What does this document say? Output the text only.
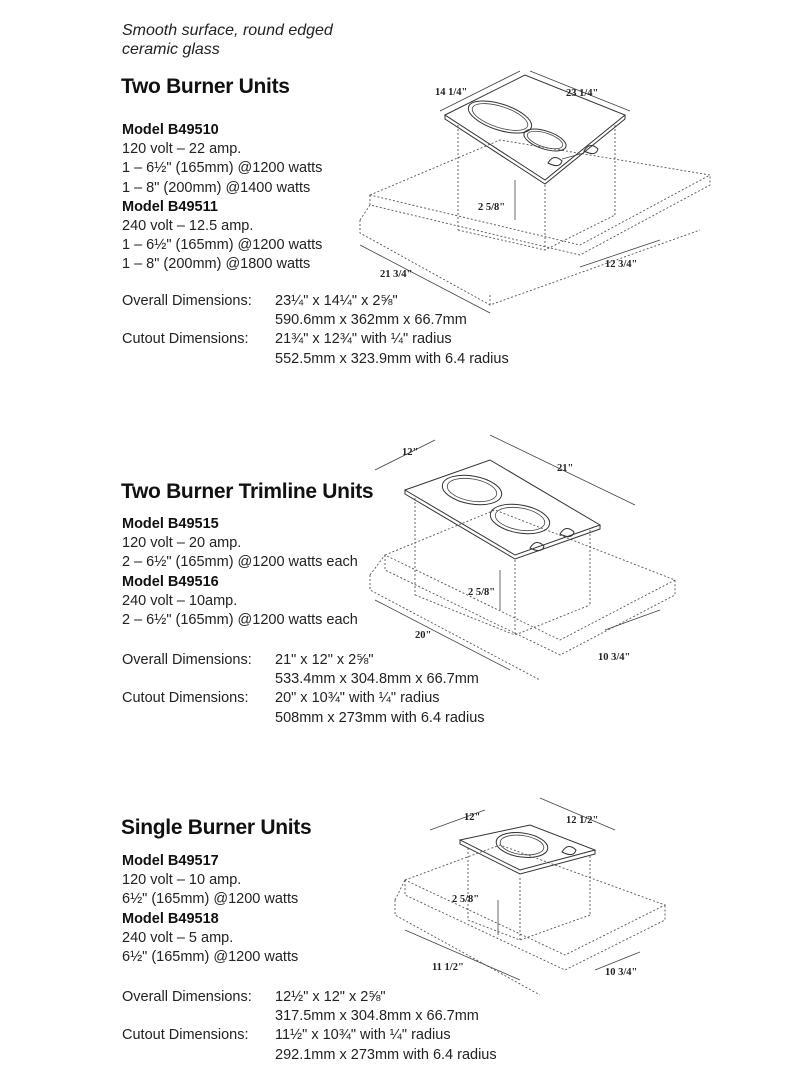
Smooth surface, round edged
ceramic glass
Two Burner Units
Model B49510
120 volt – 22 amp.
1 – 6½" (165mm) @1200 watts
1 – 8" (200mm) @1400 watts
Model B49511
240 volt – 12.5 amp.
1 – 6½" (165mm) @1200 watts
1 – 8" (200mm) @1800 watts
Overall Dimensions:	23¼" x 14¼" x 2⅝"
590.6mm x 362mm x 66.7mm
Cutout Dimensions:	21¾" x 12¾" with ¼" radius
552.5mm x 323.9mm with 6.4 radius
14 1/4"	23 1/4"
2 5/8"
21 3/4"
12 3/4"
Two Burner Trimline Units
Model B49515
120 volt – 20 amp.
2 – 6½" (165mm) @1200 watts each
Model B49516
240 volt – 10amp.
2 – 6½" (165mm) @1200 watts each
Overall Dimensions:	21" x 12" x 2⅝"
533.4mm x 304.8mm x 66.7mm
Cutout Dimensions:	20" x 10¾" with ¼" radius
508mm x 273mm with 6.4 radius
12"
21"
2 5/8"
20"
10 3/4"
Single Burner Units
Model B49517
120 volt – 10 amp.
6½" (165mm) @1200 watts
Model B49518
240 volt – 5 amp.
6½" (165mm) @1200 watts
Overall Dimensions:	12½" x 12" x 2⅝"
317.5mm x 304.8mm x 66.7mm
Cutout Dimensions:	11½" x 10¾" with ¼" radius
292.1mm x 273mm with 6.4 radius
12"	12 1/2"
2 5/8"
11 1/2"	10 3/4"
